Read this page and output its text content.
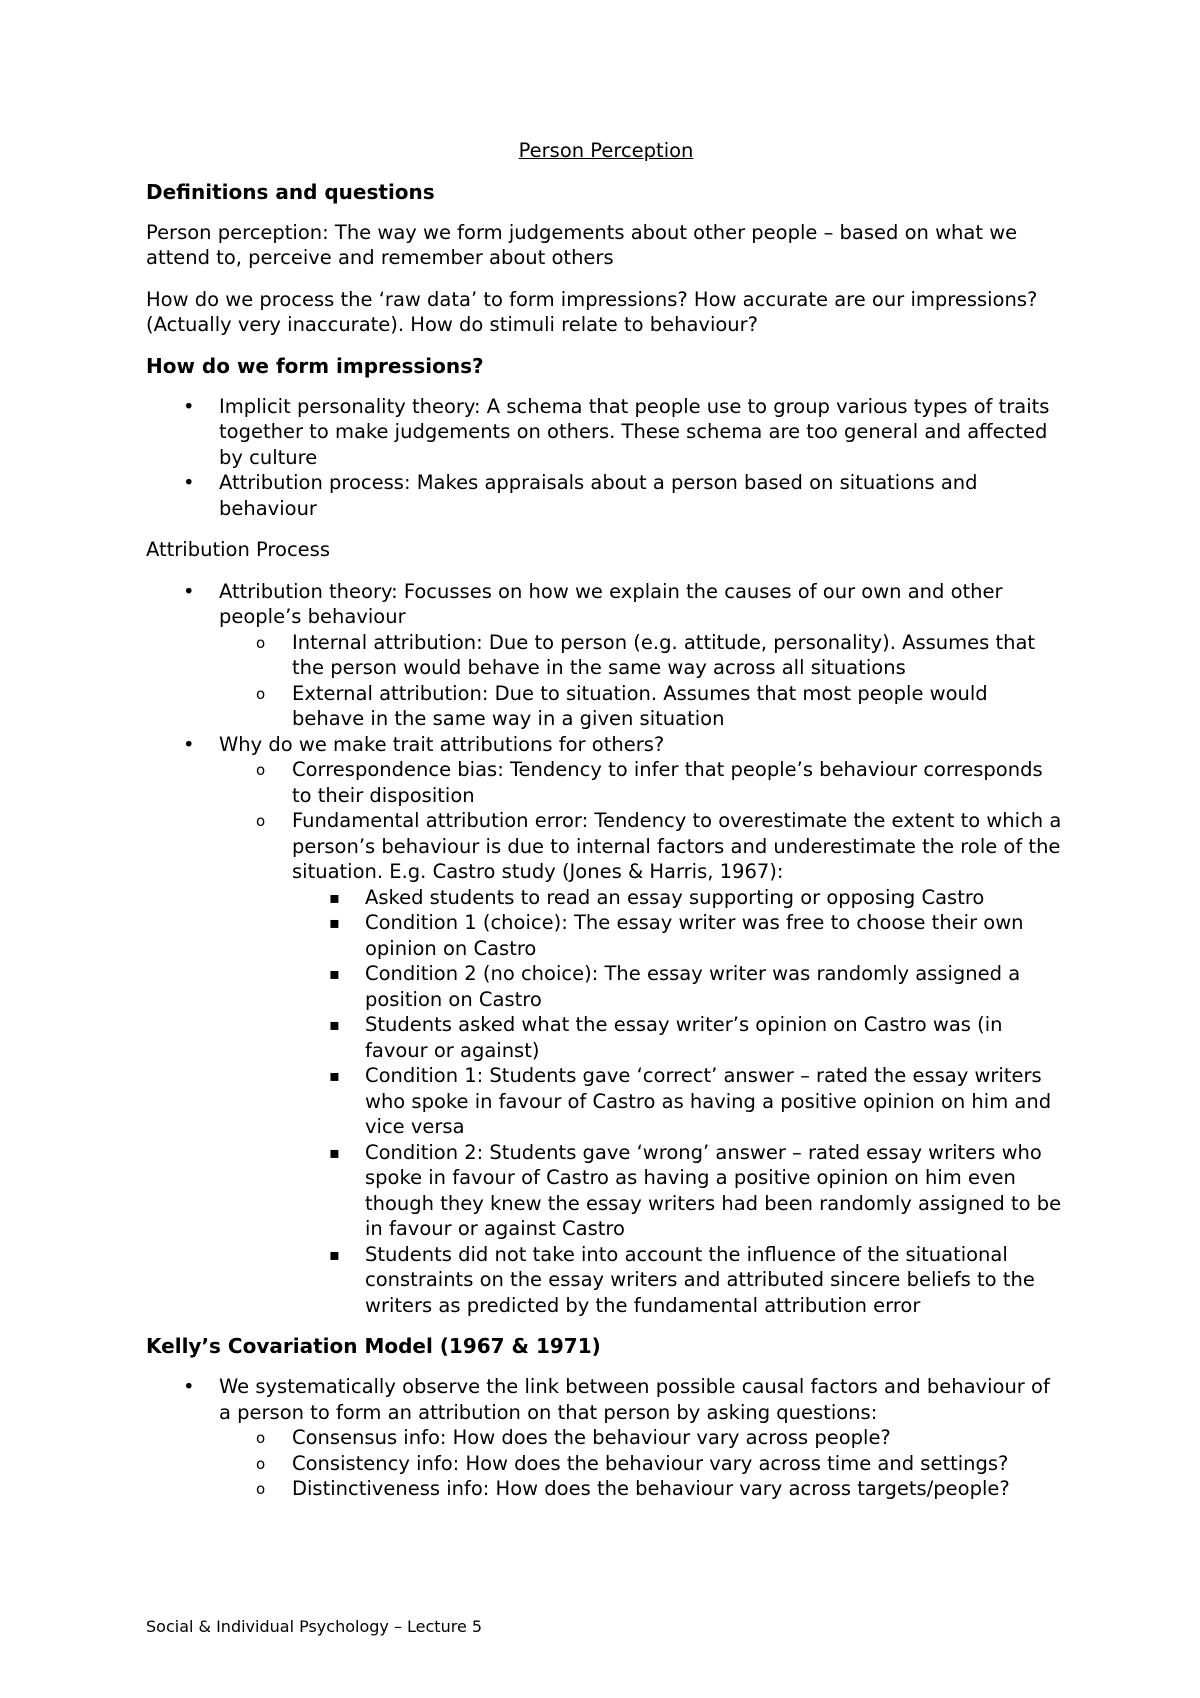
Person Perception
Definitions and questions

Person perception: The way we form judgements about other people – based on what we attend to, perceive and remember about others

How do we process the ‘raw data’ to form impressions? How accurate are our impressions? (Actually very inaccurate). How do stimuli relate to behaviour?

How do we form impressions?
• Implicit personality theory: A schema that people use to group various types of traits together to make judgements on others. These schema are too general and affected by culture
• Attribution process: Makes appraisals about a person based on situations and behaviour

Attribution Process

• Attribution theory: Focusses on how we explain the causes of our own and other people’s behaviour
o Internal attribution: Due to person (e.g. attitude, personality). Assumes that the person would behave in the same way across all situations
o External attribution: Due to situation. Assumes that most people would behave in the same way in a given situation
• Why do we make trait attributions for others?
o Correspondence bias: Tendency to infer that people’s behaviour corresponds to their disposition
o Fundamental attribution error: Tendency to overestimate the extent to which a person’s behaviour is due to internal factors and underestimate the role of the situation. E.g. Castro study (Jones & Harris, 1967):
▪ Asked students to read an essay supporting or opposing Castro
▪ Condition 1 (choice): The essay writer was free to choose their own opinion on Castro
▪ Condition 2 (no choice): The essay writer was randomly assigned a position on Castro
▪ Students asked what the essay writer’s opinion on Castro was (in favour or against)
▪ Condition 1: Students gave ‘correct’ answer – rated the essay writers who spoke in favour of Castro as having a positive opinion on him and vice versa
▪ Condition 2: Students gave ‘wrong’ answer – rated essay writers who spoke in favour of Castro as having a positive opinion on him even though they knew the essay writers had been randomly assigned to be in favour or against Castro
▪ Students did not take into account the influence of the situational constraints on the essay writers and attributed sincere beliefs to the writers as predicted by the fundamental attribution error
Kelly’s Covariation Model (1967 & 1971)
• We systematically observe the link between possible causal factors and behaviour of a person to form an attribution on that person by asking questions:
o Consensus info: How does the behaviour vary across people?
o Consistency info: How does the behaviour vary across time and settings?
o Distinctiveness info: How does the behaviour vary across targets/people?
Social & Individual Psychology – Lecture 5
